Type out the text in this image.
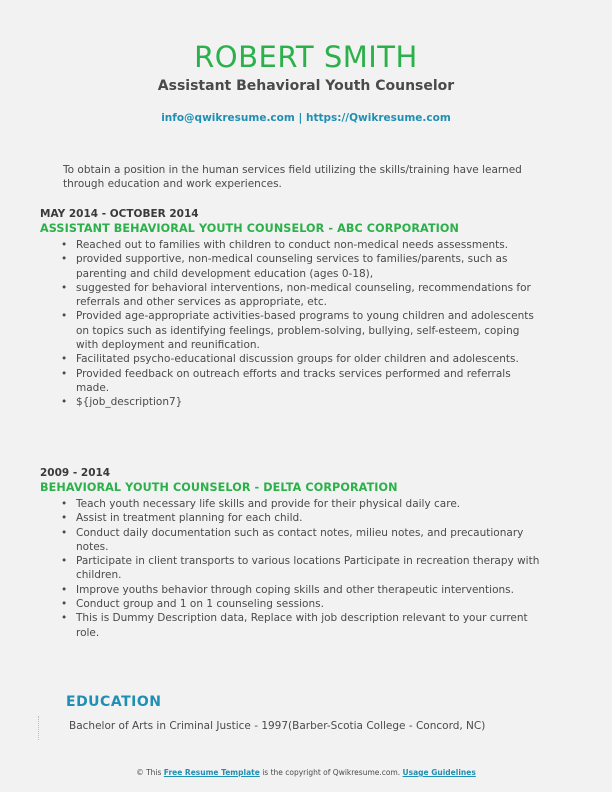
ROBERT SMITH
Assistant Behavioral Youth Counselor
info@qwikresume.com | https://Qwikresume.com
To obtain a position in the human services field utilizing the skills/training have learned through education and work experiences.
MAY 2014 - OCTOBER 2014
ASSISTANT BEHAVIORAL YOUTH COUNSELOR - ABC CORPORATION
• Reached out to families with children to conduct non-medical needs assessments.
• provided supportive, non-medical counseling services to families/parents, such as parenting and child development education (ages 0-18),
• suggested for behavioral interventions, non-medical counseling, recommendations for referrals and other services as appropriate, etc.
• Provided age-appropriate activities-based programs to young children and adolescents on topics such as identifying feelings, problem-solving, bullying, self-esteem, coping with deployment and reunification.
• Facilitated psycho-educational discussion groups for older children and adolescents.
• Provided feedback on outreach efforts and tracks services performed and referrals made.
• ${job_description7}
2009 - 2014
BEHAVIORAL YOUTH COUNSELOR - DELTA CORPORATION
• Teach youth necessary life skills and provide for their physical daily care.
• Assist in treatment planning for each child.
• Conduct daily documentation such as contact notes, milieu notes, and precautionary notes.
• Participate in client transports to various locations Participate in recreation therapy with children.
• Improve youths behavior through coping skills and other therapeutic interventions.
• Conduct group and 1 on 1 counseling sessions.
• This is Dummy Description data, Replace with job description relevant to your current role.
EDUCATION
Bachelor of Arts in Criminal Justice - 1997(Barber-Scotia College - Concord, NC)
© This Free Resume Template is the copyright of Qwikresume.com. Usage Guidelines
